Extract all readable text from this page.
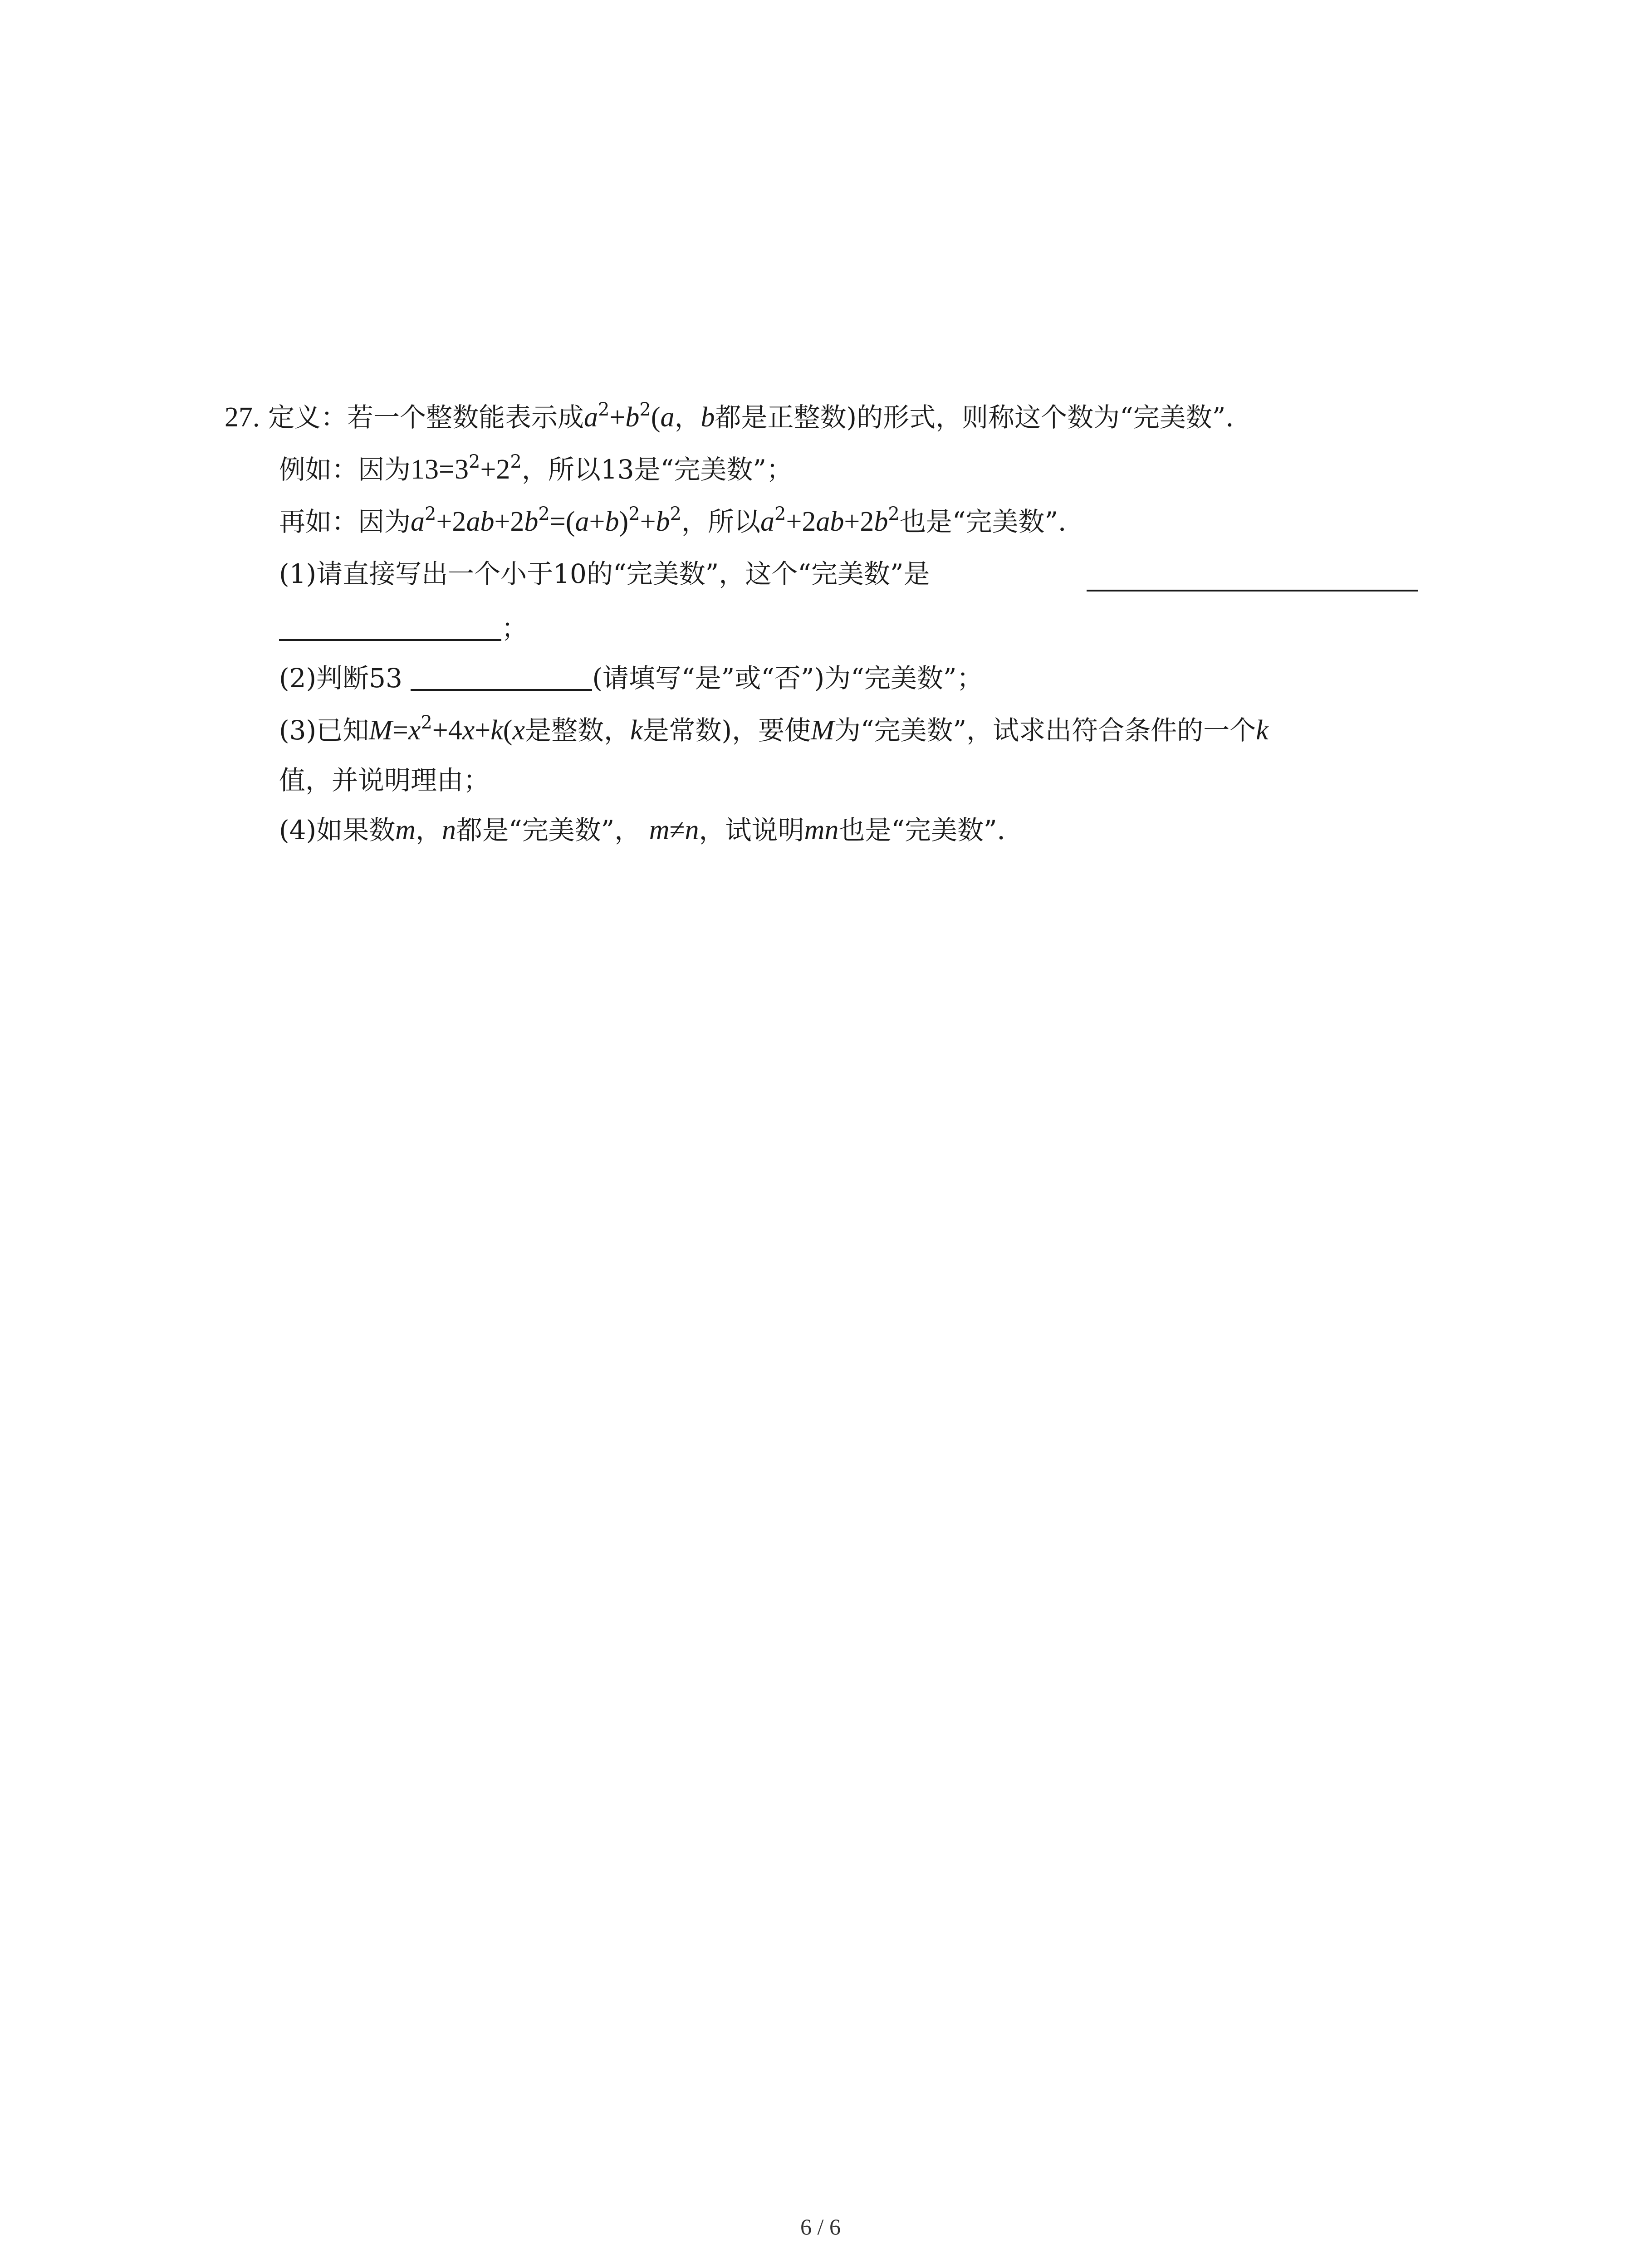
27. 定义：若一个整数能表示成$a^2+b^2(a$，b都是正整数)的形式，则称这个数为“完美数”．
例如：因为$13=3^2+2^2$，所以13是“完美数”；
再如：因为$a^2+2ab+2b^2=(a+b)^2+b^2$，所以$a^2+2ab+2b^2$也是“完美数”．
(1)请直接写出一个小于10的“完美数”，这个“完美数”是
；
(2)判断53	(请填写“是”或“否”)为“完美数”；
(3)已知$M=x^2+4x+k(x$是整数，k是常数)，要使M为“完美数”，试求出符合条件的一个k
值，并说明理由；
(4)如果数m，n都是“完美数”， m≠n，试说明mn也是“完美数”．
6 / 6
